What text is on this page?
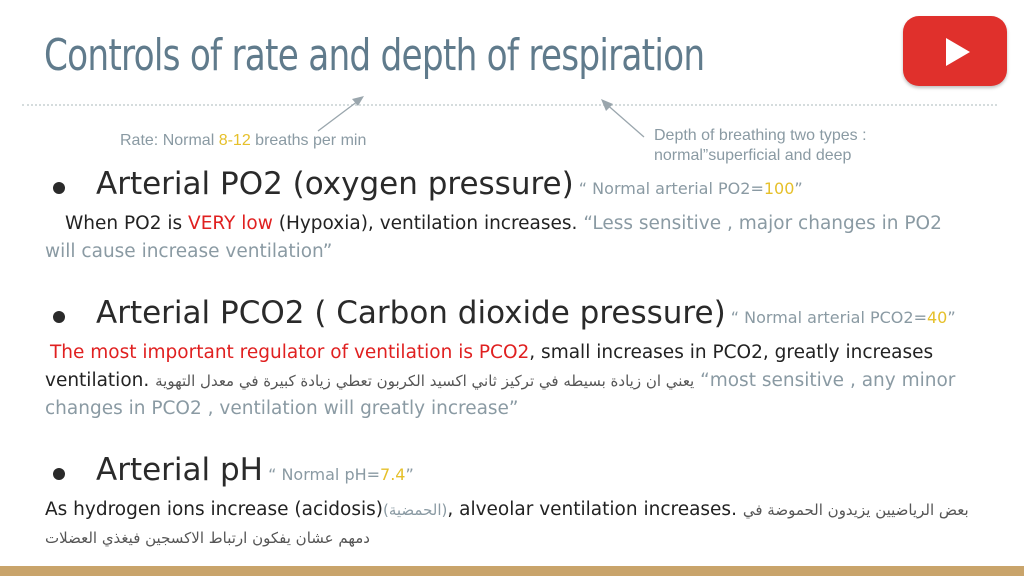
Controls of rate and depth of respiration
Rate: Normal 8-12 breaths per min	Depth of breathing two types :
normal”superficial and deep
Arterial PO2 (oxygen pressure) “ Normal arterial PO2=100”
When PO2 is VERY low (Hypoxia), ventilation increases. “Less sensitive , major changes in PO2 will cause increase ventilation”
Arterial PCO2 ( Carbon dioxide pressure) “ Normal arterial PCO2=40”
The most important regulator of ventilation is PCO2, small increases in PCO2, greatly increases ventilation. يعني ان زيادة بسيطه في تركيز ثاني اكسيد الكربون تعطي زيادة كبيرة في معدل التهوية “most sensitive , any minor changes in PCO2 , ventilation will greatly increase”
Arterial pH “ Normal pH=7.4”
As hydrogen ions increase (acidosis)(الحمضية), alveolar ventilation increases. بعض الرياضيين يزيدون الحموضة في دمهم عشان يفكون ارتباط الاكسجين فيغذي العضلات
